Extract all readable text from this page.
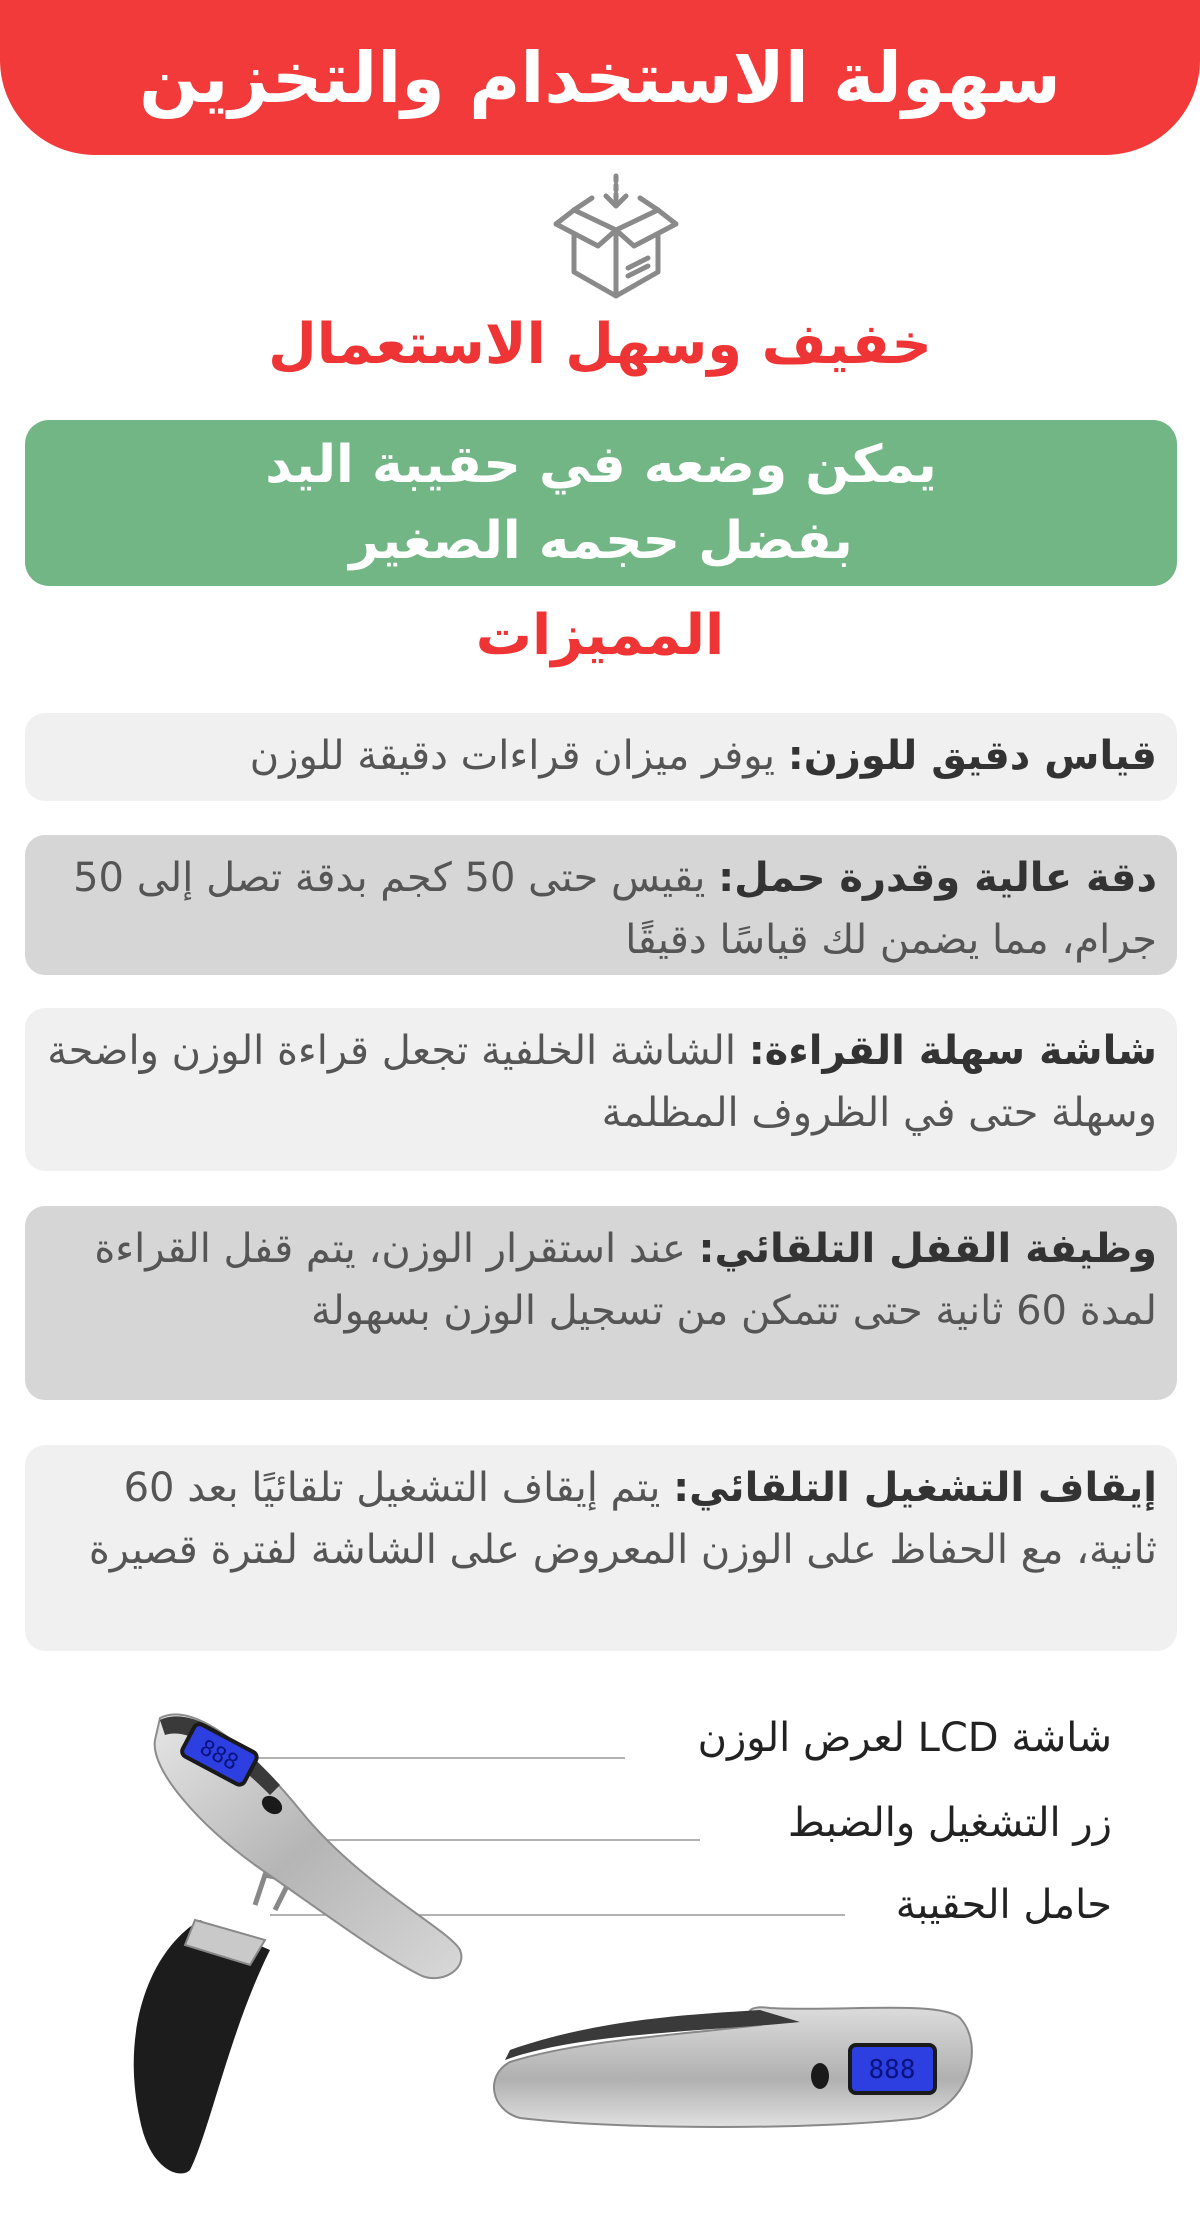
سهولة الاستخدام والتخزين
خفيف وسهل الاستعمال
يمكن وضعه في حقيبة اليد
بفضل حجمه الصغير
المميزات
قياس دقيق للوزن: يوفر ميزان قراءات دقيقة للوزن
دقة عالية وقدرة حمل: يقيس حتى 50 كجم بدقة تصل إلى 50 جرام، مما يضمن لك قياسًا دقيقًا
شاشة سهلة القراءة: الشاشة الخلفية تجعل قراءة الوزن واضحة وسهلة حتى في الظروف المظلمة
وظيفة القفل التلقائي: عند استقرار الوزن، يتم قفل القراءة لمدة 60 ثانية حتى تتمكن من تسجيل الوزن بسهولة
إيقاف التشغيل التلقائي: يتم إيقاف التشغيل تلقائيًا بعد 60 ثانية، مع الحفاظ على الوزن المعروض على الشاشة لفترة قصيرة
888
888
شاشة LCD لعرض الوزن
زر التشغيل والضبط
حامل الحقيبة
